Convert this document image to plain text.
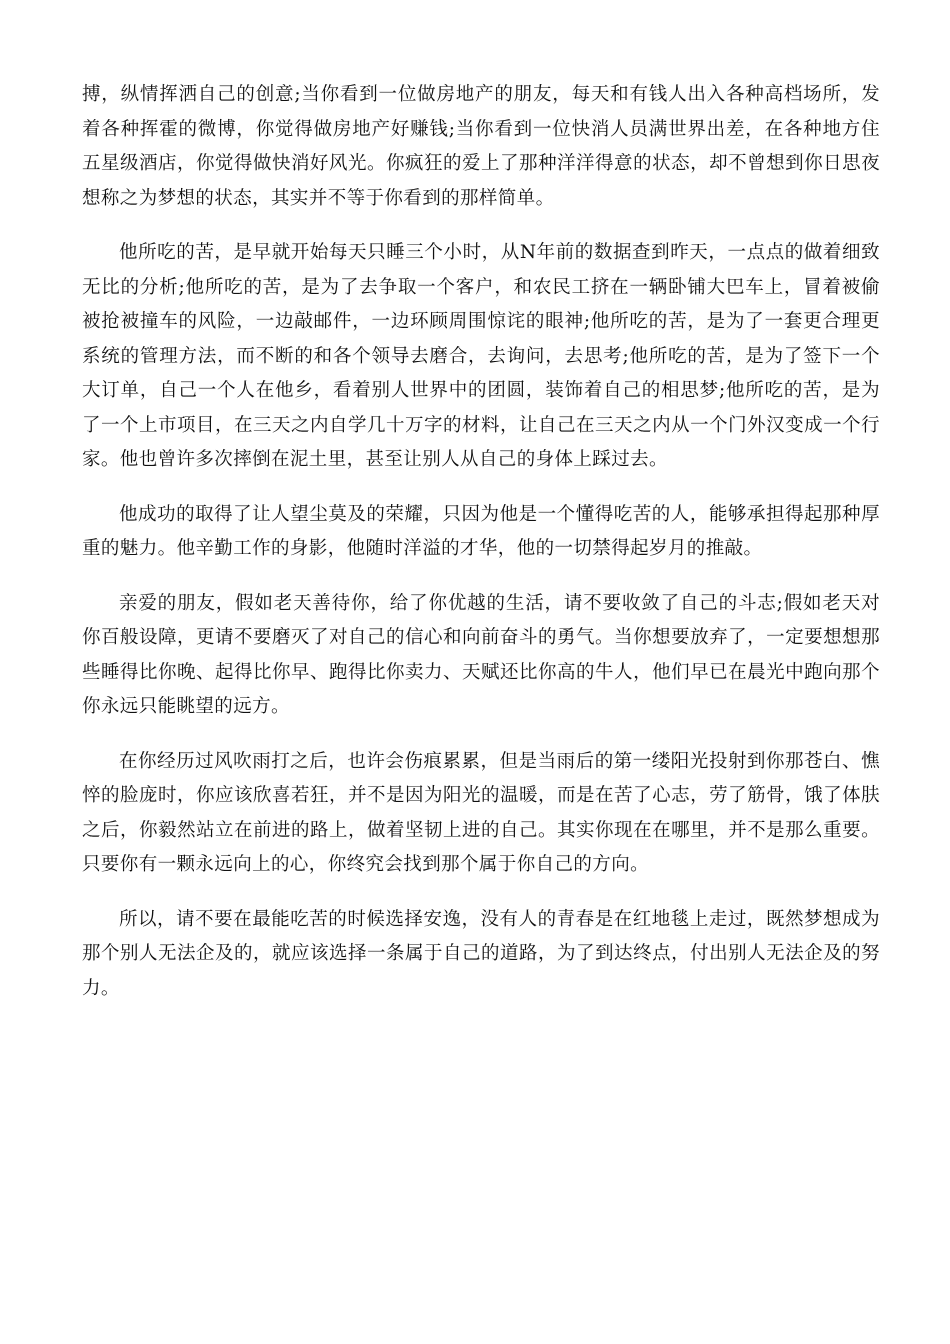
搏，纵情挥洒自己的创意;当你看到一位做房地产的朋友，每天和有钱人出入各种高档场所，发着各种挥霍的微博，你觉得做房地产好赚钱;当你看到一位快消人员满世界出差，在各种地方住五星级酒店，你觉得做快消好风光。你疯狂的爱上了那种洋洋得意的状态，却不曾想到你日思夜想称之为梦想的状态，其实并不等于你看到的那样简单。

他所吃的苦，是早就开始每天只睡三个小时，从N年前的数据查到昨天，一点点的做着细致无比的分析;他所吃的苦，是为了去争取一个客户，和农民工挤在一辆卧铺大巴车上，冒着被偷被抢被撞车的风险，一边敲邮件，一边环顾周围惊诧的眼神;他所吃的苦，是为了一套更合理更系统的管理方法，而不断的和各个领导去磨合，去询问，去思考;他所吃的苦，是为了签下一个大订单，自己一个人在他乡，看着别人世界中的团圆，装饰着自己的相思梦;他所吃的苦，是为了一个上市项目，在三天之内自学几十万字的材料，让自己在三天之内从一个门外汉变成一个行家。他也曾许多次摔倒在泥土里，甚至让别人从自己的身体上踩过去。

他成功的取得了让人望尘莫及的荣耀，只因为他是一个懂得吃苦的人，能够承担得起那种厚重的魅力。他辛勤工作的身影，他随时洋溢的才华，他的一切禁得起岁月的推敲。

亲爱的朋友，假如老天善待你，给了你优越的生活，请不要收敛了自己的斗志;假如老天对你百般设障，更请不要磨灭了对自己的信心和向前奋斗的勇气。当你想要放弃了，一定要想想那些睡得比你晚、起得比你早、跑得比你卖力、天赋还比你高的牛人，他们早已在晨光中跑向那个你永远只能眺望的远方。

在你经历过风吹雨打之后，也许会伤痕累累，但是当雨后的第一缕阳光投射到你那苍白、憔悴的脸庞时，你应该欣喜若狂，并不是因为阳光的温暖，而是在苦了心志，劳了筋骨，饿了体肤之后，你毅然站立在前进的路上，做着坚韧上进的自己。其实你现在在哪里，并不是那么重要。只要你有一颗永远向上的心，你终究会找到那个属于你自己的方向。

所以，请不要在最能吃苦的时候选择安逸，没有人的青春是在红地毯上走过，既然梦想成为那个别人无法企及的，就应该选择一条属于自己的道路，为了到达终点，付出别人无法企及的努力。
